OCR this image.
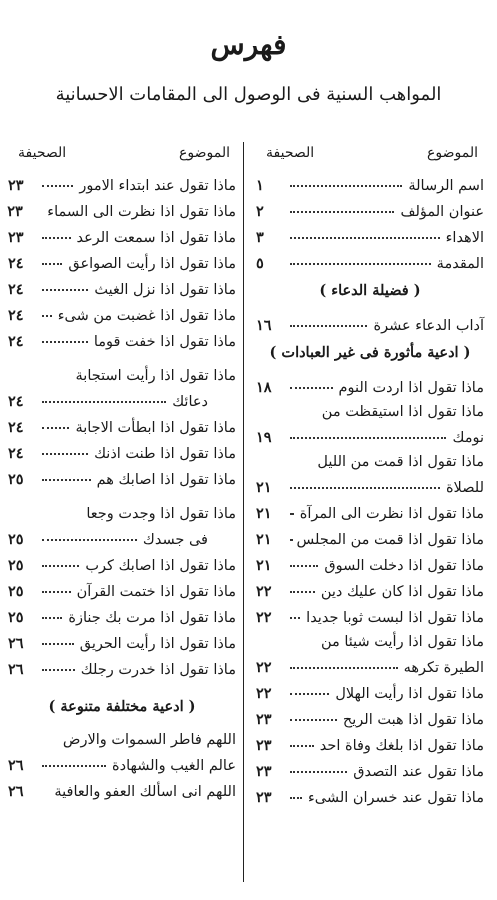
فهرس
المواهب السنية فى الوصول الى المقامات الاحسانية
الموضوع
الصحيفة
اسم الرسالة
١
عنوان المؤلف
٢
الاهداء
٣
المقدمة
٥
( فضيلة الدعاء )
آداب الدعاء عشرة
١٦
( ادعية مأثورة فى غير العبادات )
ماذا تقول اذا اردت النوم
١٨
ماذا تقول اذا استيقظت من
نومك
١٩
ماذا تقول اذا قمت من الليل
للصلاة
٢١
ماذا تقول اذا نظرت الى المرآة
٢١
ماذا تقول اذا قمت من المجلس
٢١
ماذا تقول اذا دخلت السوق
٢١
ماذا تقول اذا كان عليك دين
٢٢
ماذا تقول اذا لبست ثوبا جديدا
٢٢
ماذا تقول اذا رأيت شيئا من
الطيرة تكرهه
٢٢
ماذا تقول اذا رأيت الهلال
٢٢
ماذا تقول اذا هبت الريح
٢٣
ماذا تقول اذا بلغك وفاة احد
٢٣
ماذا تقول عند التصدق
٢٣
ماذا تقول عند خسران الشىء
٢٣
الموضوع
الصحيفة
ماذا تقول عند ابتداء الامور
٢٣
ماذا تقول اذا نظرت الى السماء
٢٣
ماذا تقول اذا سمعت الرعد
٢٣
ماذا تقول اذا رأيت الصواعق
٢٤
ماذا تقول اذا نزل الغيث
٢٤
ماذا تقول اذا غضبت من شىء
٢٤
ماذا تقول اذا خفت قوما
٢٤
ماذا تقول اذا رأيت استجابة
دعائك
٢٤
ماذا تقول اذا ابطأت الاجابة
٢٤
ماذا تقول اذا طنت اذنك
٢٤
ماذا تقول اذا اصابك هم
٢٥
ماذا تقول اذا وجدت وجعا
فى جسدك
٢٥
ماذا تقول اذا اصابك كرب
٢٥
ماذا تقول اذا ختمت القرآن
٢٥
ماذا تقول اذا مرت بك جنازة
٢٥
ماذا تقول اذا رأيت الحريق
٢٦
ماذا تقول اذا خدرت رجلك
٢٦
( ادعية مختلفة متنوعة )
اللهم فاطر السموات والارض
عالم الغيب والشهادة
٢٦
اللهم انى اسألك العفو والعافية
٢٦
